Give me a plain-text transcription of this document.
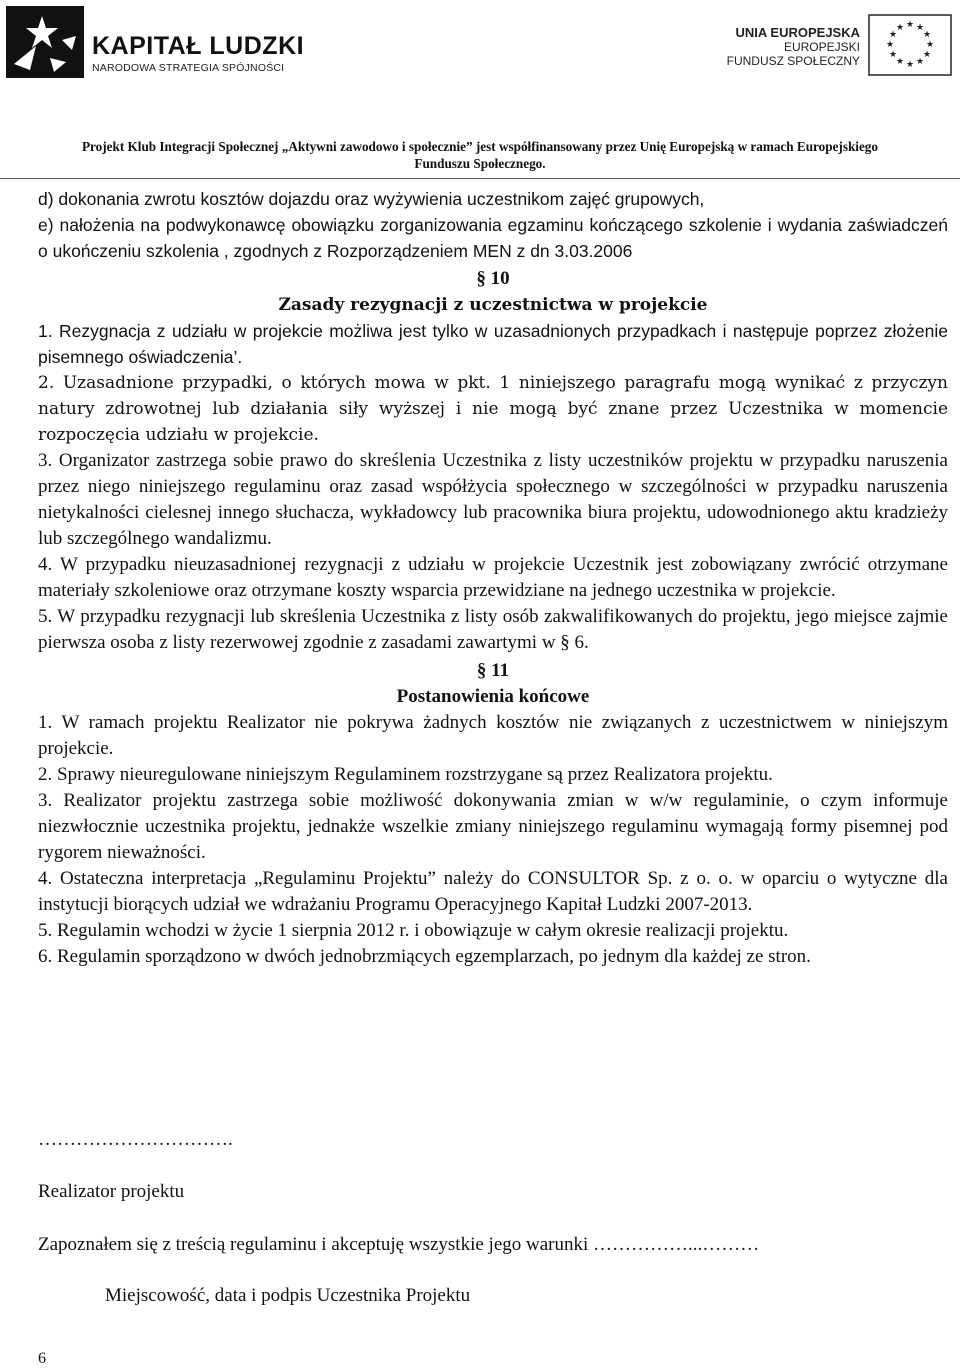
KAPITAŁ LUDZKI
NARODOWA STRATEGIA SPÓJNOŚCI
UNIA EUROPEJSKA
EUROPEJSKI
FUNDUSZ SPOŁECZNY
★ ★
★
★
★
★
★
★
★
★
★
★
Projekt Klub Integracji Społecznej „Aktywni zawodowo i społecznie” jest współfinansowany przez Unię Europejską w ramach Europejskiego
Funduszu Społecznego.

d) dokonania zwrotu kosztów dojazdu oraz wyżywienia uczestnikom zajęć grupowych,

e) nałożenia na podwykonawcę obowiązku zorganizowania egzaminu kończącego szkolenie i wydania zaświadczeń o ukończeniu szkolenia , zgodnych z Rozporządzeniem MEN z dn 3.03.2006

§ 10
Zasady rezygnacji z uczestnictwa w projekcie

1. Rezygnacja z udziału w projekcie możliwa jest tylko w uzasadnionych przypadkach i następuje poprzez złożenie pisemnego oświadczenia’.

2. Uzasadnione przypadki, o których mowa w pkt. 1 niniejszego paragrafu mogą wynikać z przyczyn natury zdrowotnej lub działania siły wyższej i nie mogą być znane przez Uczestnika w momencie rozpoczęcia udziału w projekcie.

3. Organizator zastrzega sobie prawo do skreślenia Uczestnika z listy uczestników projektu w przypadku naruszenia przez niego niniejszego regulaminu oraz zasad współżycia społecznego w szczególności w przypadku naruszenia nietykalności cielesnej innego słuchacza, wykładowcy lub pracownika biura projektu, udowodnionego aktu kradzieży lub szczególnego wandalizmu.

4. W przypadku nieuzasadnionej rezygnacji z udziału w projekcie Uczestnik jest zobowiązany zwrócić otrzymane materiały szkoleniowe oraz otrzymane koszty wsparcia przewidziane na jednego uczestnika w projekcie.

5. W przypadku rezygnacji lub skreślenia Uczestnika z listy osób zakwalifikowanych do projektu, jego miejsce zajmie pierwsza osoba z listy rezerwowej zgodnie z zasadami zawartymi w § 6.

§ 11
Postanowienia końcowe

1. W ramach projektu Realizator nie pokrywa żadnych kosztów nie związanych z uczestnictwem w niniejszym projekcie.

2. Sprawy nieuregulowane niniejszym Regulaminem rozstrzygane są przez Realizatora projektu.

3. Realizator projektu zastrzega sobie możliwość dokonywania zmian w w/w regulaminie, o czym informuje niezwłocznie uczestnika projektu, jednakże wszelkie zmiany niniejszego regulaminu wymagają formy pisemnej pod rygorem nieważności.

4. Ostateczna interpretacja „Regulaminu Projektu” należy do CONSULTOR Sp. z o. o. w oparciu o wytyczne dla instytucji biorących udział we wdrażaniu Programu Operacyjnego Kapitał Ludzki 2007-2013.

5. Regulamin wchodzi w życie 1 sierpnia 2012 r. i obowiązuje w całym okresie realizacji projektu.

6. Regulamin sporządzono w dwóch jednobrzmiących egzemplarzach, po jednym dla każdej ze stron.

………………………….
Realizator projektu
Zapoznałem się z treścią regulaminu i akceptuję wszystkie jego warunki ……………...………
Miejscowość, data i podpis Uczestnika Projektu
6
